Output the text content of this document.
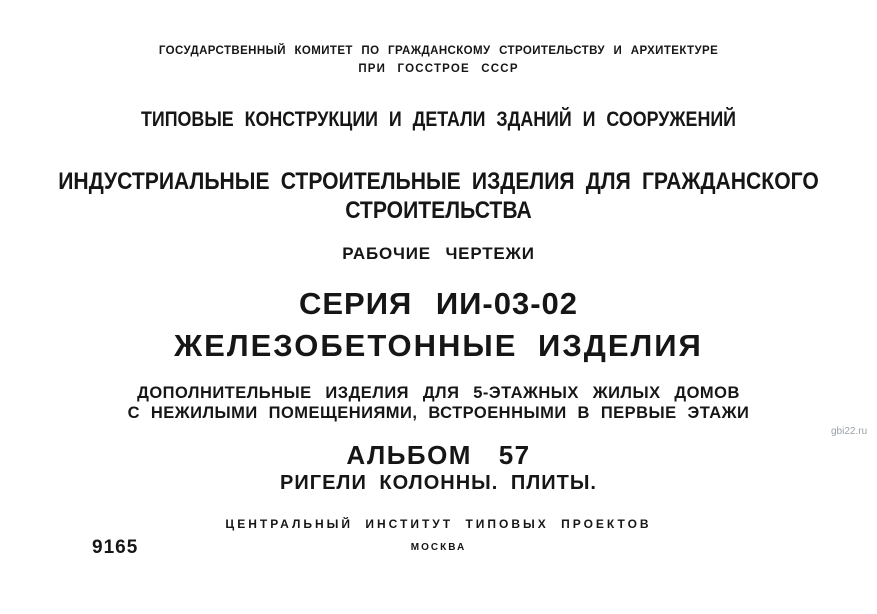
ГОСУДАРСТВЕННЫЙ КОМИТЕТ ПО ГРАЖДАНСКОМУ СТРОИТЕЛЬСТВУ И АРХИТЕКТУРЕ
ПРИ ГОССТРОЕ СССР
ТИПОВЫЕ КОНСТРУКЦИИ И ДЕТАЛИ ЗДАНИЙ И СООРУЖЕНИЙ
ИНДУСТРИАЛЬНЫЕ СТРОИТЕЛЬНЫЕ ИЗДЕЛИЯ ДЛЯ ГРАЖДАНСКОГО
СТРОИТЕЛЬСТВА
РАБОЧИЕ ЧЕРТЕЖИ
СЕРИЯ ИИ-03-02
ЖЕЛЕЗОБЕТОННЫЕ ИЗДЕЛИЯ
ДОПОЛНИТЕЛЬНЫЕ ИЗДЕЛИЯ ДЛЯ 5-ЭТАЖНЫХ ЖИЛЫХ ДОМОВ
С НЕЖИЛЫМИ ПОМЕЩЕНИЯМИ, ВСТРОЕННЫМИ В ПЕРВЫЕ ЭТАЖИ
АЛЬБОМ 57
РИГЕЛИ КОЛОННЫ. ПЛИТЫ.
ЦЕНТРАЛЬНЫЙ ИНСТИТУТ ТИПОВЫХ ПРОЕКТОВ
МОСКВА
9165
gbi22.ru
